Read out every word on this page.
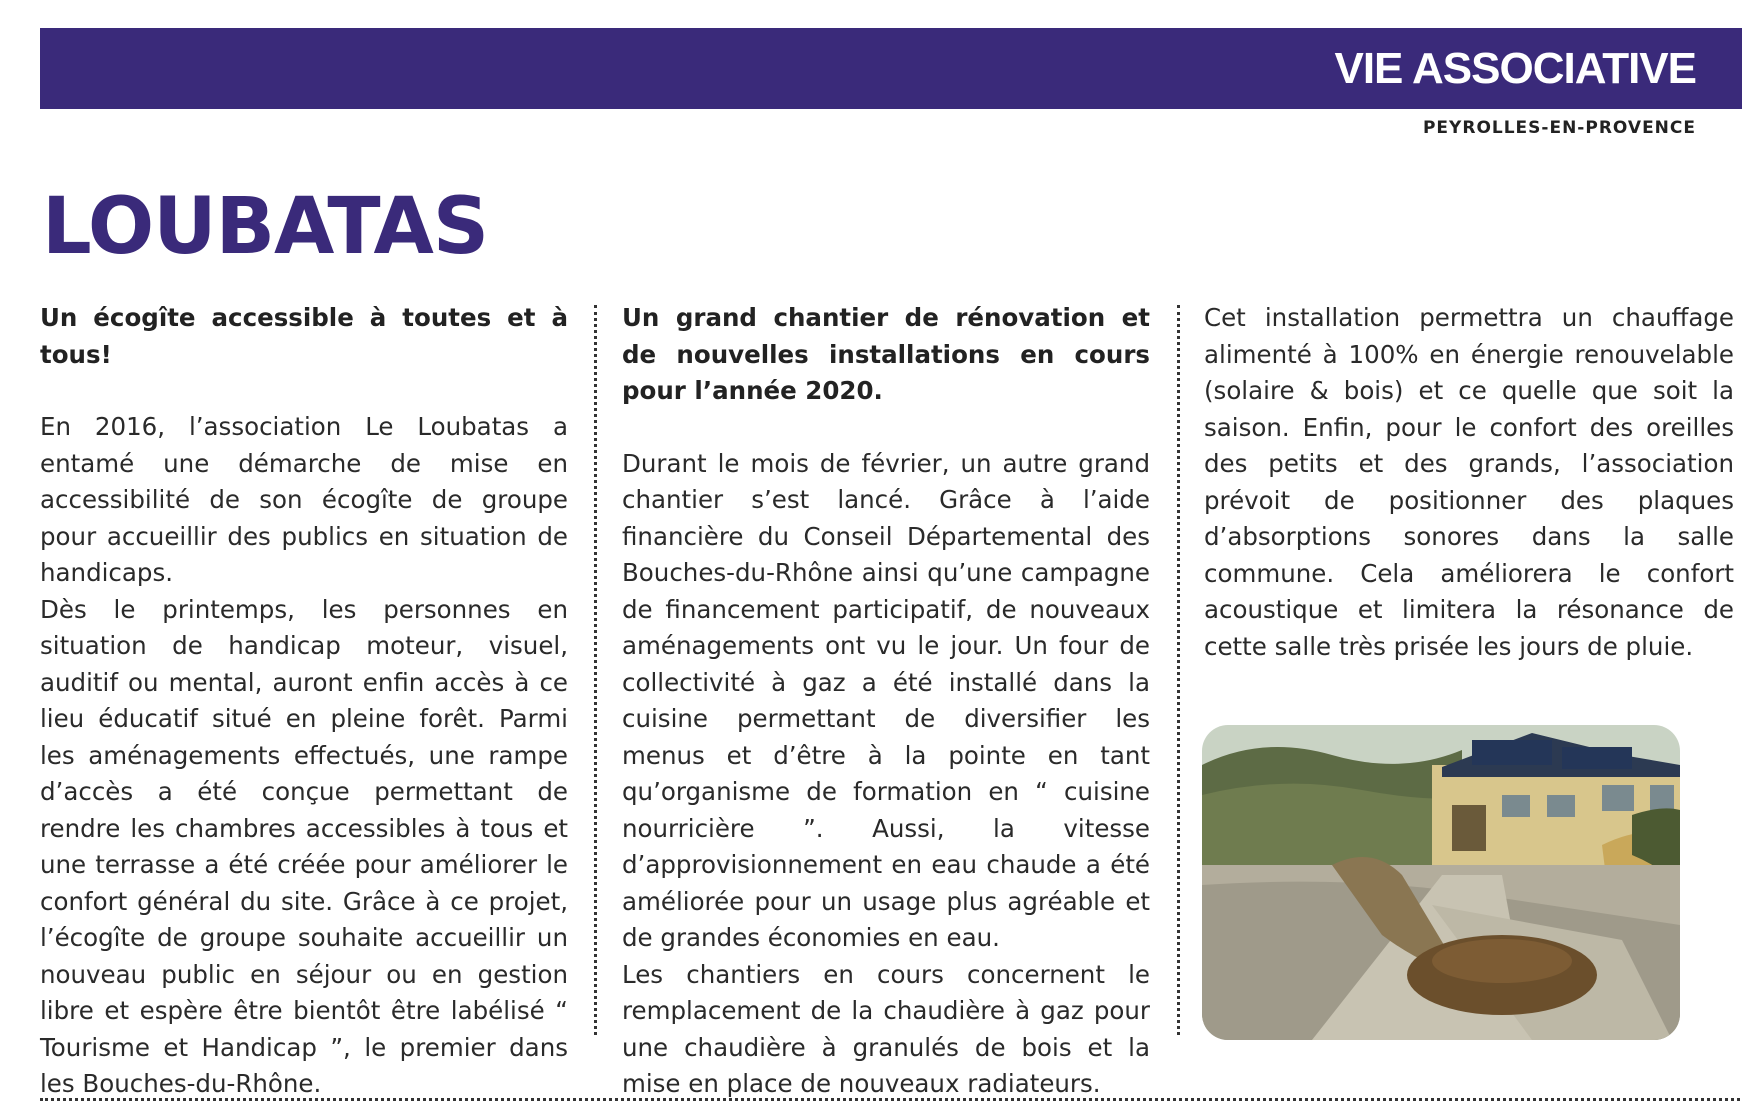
VIE ASSOCIATIVE

PEYROLLES-EN-PROVENCE

LOUBATAS

Un écogîte accessible à toutes et à tous!

En 2016, l’association Le Loubatas a entamé une démarche de mise en accessibilité de son écogîte de groupe pour accueillir des publics en situation de handicaps.

Dès le printemps, les personnes en situation de handicap moteur, visuel, auditif ou mental, auront enfin accès à ce lieu éducatif situé en pleine forêt. Parmi les aménagements effectués, une rampe d’accès a été conçue permettant de rendre les chambres accessibles à tous et une terrasse a été créée pour améliorer le confort général du site. Grâce à ce projet, l’écogîte de groupe souhaite accueillir un nouveau public en séjour ou en gestion libre et espère être bientôt être labélisé “ Tourisme et Handicap ”, le premier dans les Bouches-du-Rhône.

Un grand chantier de rénovation et de nouvelles installations en cours pour l’année 2020.

Durant le mois de février, un autre grand chantier s’est lancé. Grâce à l’aide financière du Conseil Départemental des Bouches-du-Rhône ainsi qu’une campagne de financement participatif, de nouveaux aménagements ont vu le jour. Un four de collectivité à gaz a été installé dans la cuisine permettant de diversifier les menus et d’être à la pointe en tant qu’organisme de formation en “ cuisine nourricière ”. Aussi, la vitesse d’approvisionnement en eau chaude a été améliorée pour un usage plus agréable et de grandes économies en eau.

Les chantiers en cours concernent le remplacement de la chaudière à gaz pour une chaudière à granulés de bois et la mise en place de nouveaux radiateurs.

Cet installation permettra un chauffage alimenté à 100% en énergie renouvelable (solaire & bois) et ce quelle que soit la saison. Enfin, pour le confort des oreilles des petits et des grands, l’association prévoit de positionner des plaques d’absorptions sonores dans la salle commune. Cela améliorera le confort acoustique et limitera la résonance de cette salle très prisée les jours de pluie.
